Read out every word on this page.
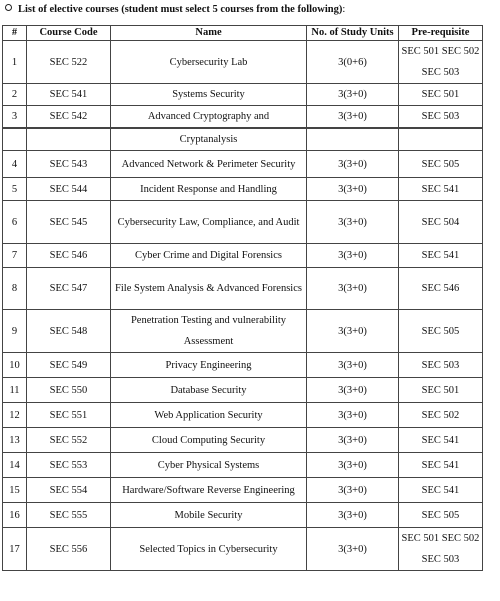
List of elective courses (student must select 5 courses from the following):
#	Course Code	Name	No. of Study Units	Pre-requisite
1	SEC 522	Cybersecurity Lab	3(0+6)	SEC 501 SEC 502 SEC 503
2	SEC 541	Systems Security	3(3+0)	SEC 501
3	SEC 542	Advanced Cryptography and	3(3+0)	SEC 503
		Cryptanalysis		
4	SEC 543	Advanced Network & Perimeter Security	3(3+0)	SEC 505
5	SEC 544	Incident Response and Handling	3(3+0)	SEC 541
6	SEC 545	Cybersecurity Law, Compliance, and Audit	3(3+0)	SEC 504
7	SEC 546	Cyber Crime and Digital Forensics	3(3+0)	SEC 541
8	SEC 547	File System Analysis & Advanced Forensics	3(3+0)	SEC 546
9	SEC 548	Penetration Testing and vulnerability Assessment	3(3+0)	SEC 505
10	SEC 549	Privacy Engineering	3(3+0)	SEC 503
11	SEC 550	Database Security	3(3+0)	SEC 501
12	SEC 551	Web Application Security	3(3+0)	SEC 502
13	SEC 552	Cloud Computing Security	3(3+0)	SEC 541
14	SEC 553	Cyber Physical Systems	3(3+0)	SEC 541
15	SEC 554	Hardware/Software Reverse Engineering	3(3+0)	SEC 541
16	SEC 555	Mobile Security	3(3+0)	SEC 505
17	SEC 556	Selected Topics in Cybersecurity	3(3+0)	SEC 501 SEC 502 SEC 503
